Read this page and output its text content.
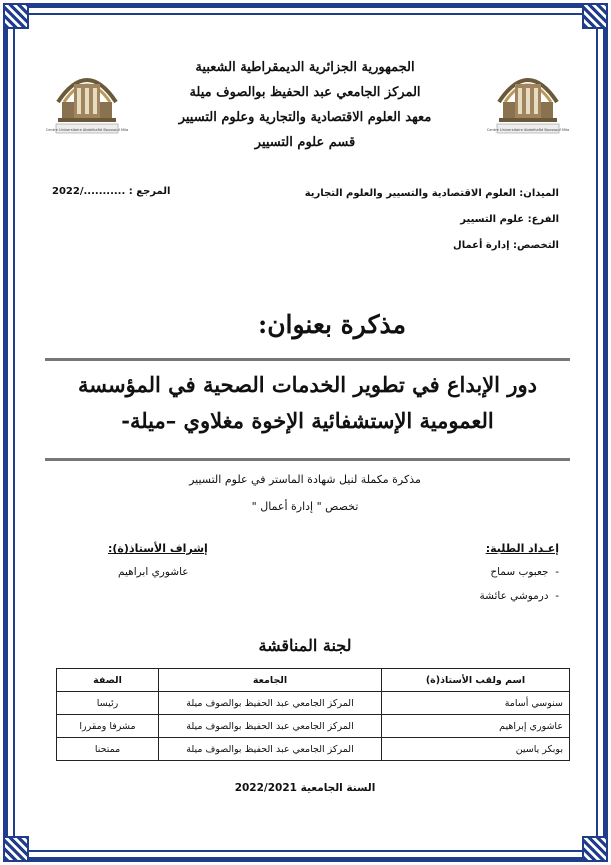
Centre Universitaire Abdelhafid Boussouf Mila	Centre Universitaire Abdelhafid Boussouf Mila
الجمهورية الجزائرية الديمقراطية الشعبية
المركز الجامعي عبد الحفيظ بوالصوف ميلة
معهد العلوم الاقتصادية والتجارية وعلوم التسيير
قسم علوم التسيير
الميدان: العلوم الاقتصادية والتسيير والعلوم التجارية
الفرع: علوم التسيير
التخصص: إدارة أعمال
المرجع : .........../2022
مذكرة بعنوان:
دور الإبداع في تطوير الخدمات الصحية في المؤسسة
العمومية الإستشفائية الإخوة مغلاوي –ميلة-
مذكرة مكملة لنيل شهادة الماستر في علوم التسيير
تخصص " إدارة أعمال "
إعـداد الطلبة:
-  جعبوب سماح
-  درموشي عائشة
إشراف الأستاذ(ة):
عاشوري ابراهيم
لجنة المناقشة
اسم ولقب الأستاذ(ة)	الجامعة	الصفة
سنوسي أسامة	المركز الجامعي عبد الحفيظ بوالصوف ميلة	رئيسا
عاشوري إبراهيم	المركز الجامعي عبد الحفيظ بوالصوف ميلة	مشرفا ومقررا
بوبكر ياسين	المركز الجامعي عبد الحفيظ بوالصوف ميلة	ممتحنا
السنة الجامعية 2022/2021
